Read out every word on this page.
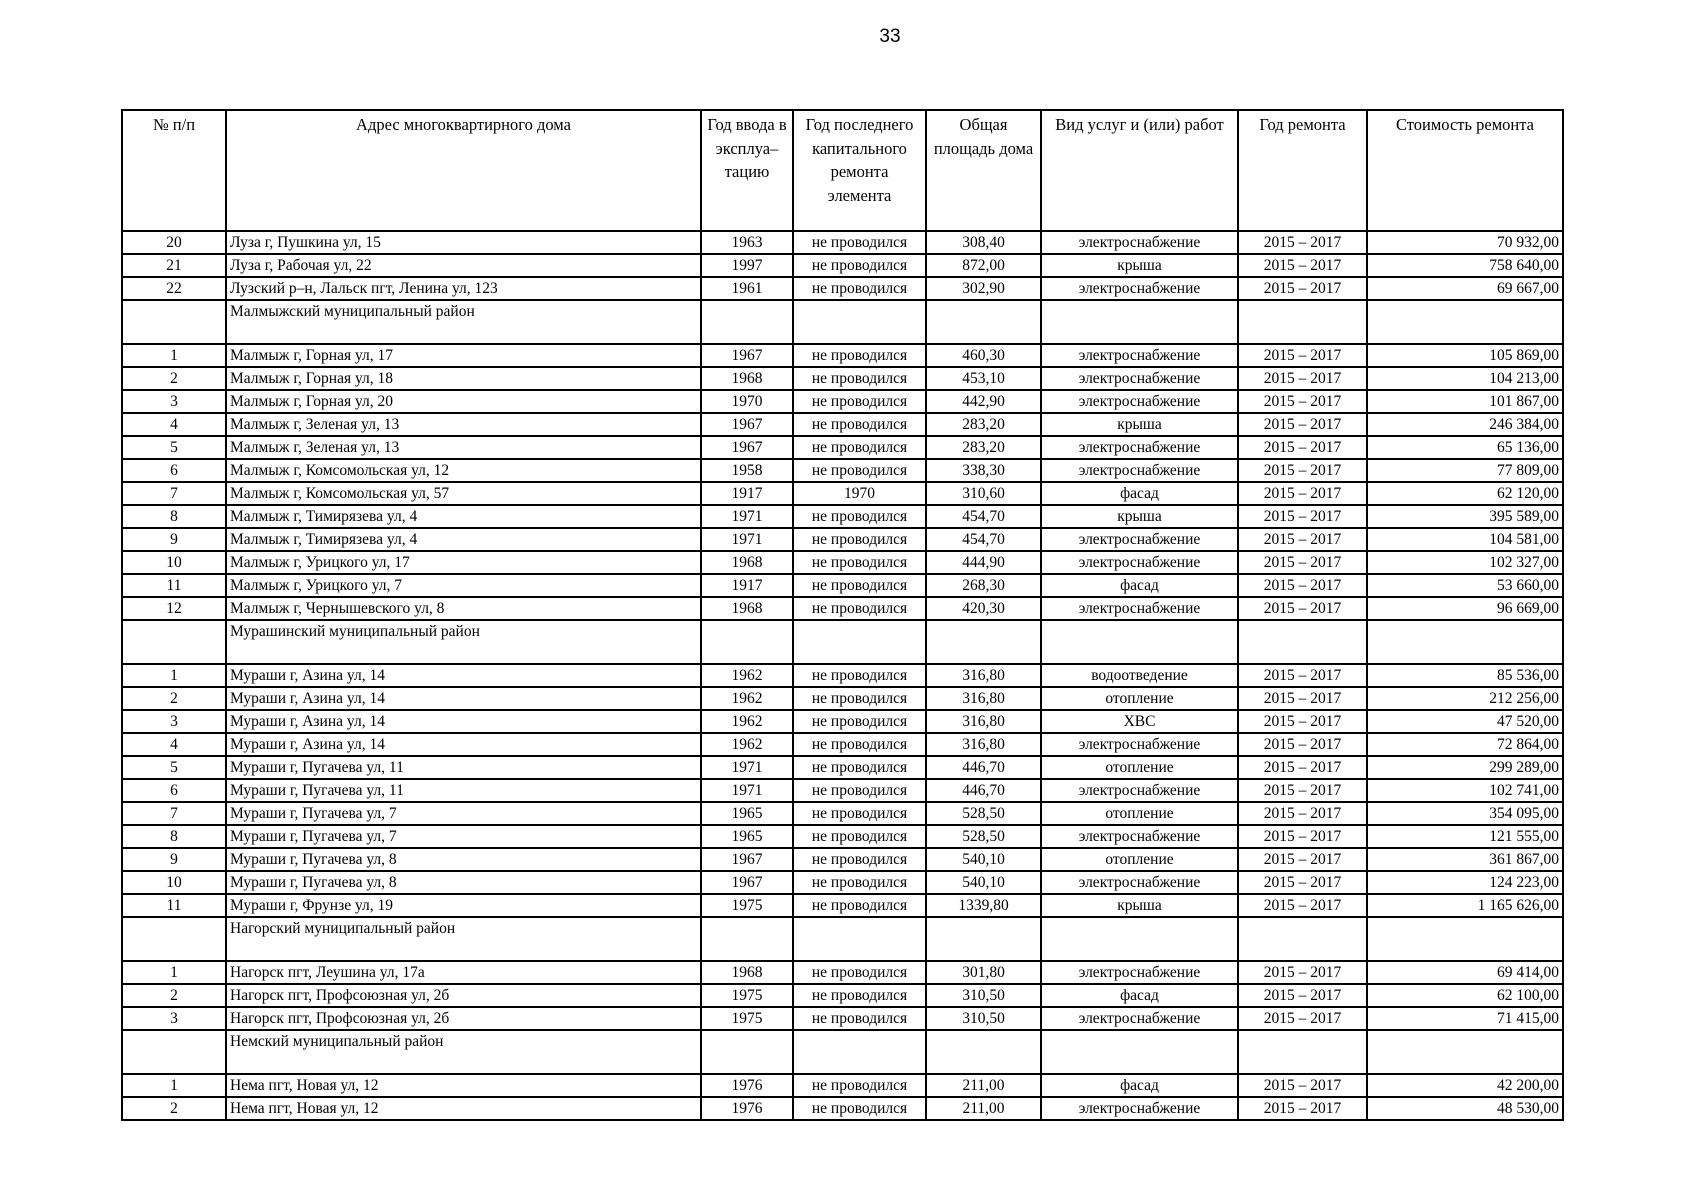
33
№ п/п	Адрес многоквартирного дома	Год ввода в эксплуа–тацию	Год последнего капитального ремонта элемента	Общая площадь дома	Вид услуг и (или) работ	Год ремонта	Стоимость ремонта
20	Луза г, Пушкина ул, 15	1963	не проводился	308,40	электроснабжение	2015 – 2017	70 932,00
21	Луза г, Рабочая ул, 22	1997	не проводился	872,00	крыша	2015 – 2017	758 640,00
22	Лузский р–н, Лальск пгт, Ленина ул, 123	1961	не проводился	302,90	электроснабжение	2015 – 2017	69 667,00
	Малмыжский муниципальный район						
1	Малмыж г, Горная ул, 17	1967	не проводился	460,30	электроснабжение	2015 – 2017	105 869,00
2	Малмыж г, Горная ул, 18	1968	не проводился	453,10	электроснабжение	2015 – 2017	104 213,00
3	Малмыж г, Горная ул, 20	1970	не проводился	442,90	электроснабжение	2015 – 2017	101 867,00
4	Малмыж г, Зеленая ул, 13	1967	не проводился	283,20	крыша	2015 – 2017	246 384,00
5	Малмыж г, Зеленая ул, 13	1967	не проводился	283,20	электроснабжение	2015 – 2017	65 136,00
6	Малмыж г, Комсомольская ул, 12	1958	не проводился	338,30	электроснабжение	2015 – 2017	77 809,00
7	Малмыж г, Комсомольская ул, 57	1917	1970	310,60	фасад	2015 – 2017	62 120,00
8	Малмыж г, Тимирязева ул, 4	1971	не проводился	454,70	крыша	2015 – 2017	395 589,00
9	Малмыж г, Тимирязева ул, 4	1971	не проводился	454,70	электроснабжение	2015 – 2017	104 581,00
10	Малмыж г, Урицкого ул, 17	1968	не проводился	444,90	электроснабжение	2015 – 2017	102 327,00
11	Малмыж г, Урицкого ул, 7	1917	не проводился	268,30	фасад	2015 – 2017	53 660,00
12	Малмыж г, Чернышевского ул, 8	1968	не проводился	420,30	электроснабжение	2015 – 2017	96 669,00
	Мурашинский муниципальный район						
1	Мураши г, Азина ул, 14	1962	не проводился	316,80	водоотведение	2015 – 2017	85 536,00
2	Мураши г, Азина ул, 14	1962	не проводился	316,80	отопление	2015 – 2017	212 256,00
3	Мураши г, Азина ул, 14	1962	не проводился	316,80	ХВС	2015 – 2017	47 520,00
4	Мураши г, Азина ул, 14	1962	не проводился	316,80	электроснабжение	2015 – 2017	72 864,00
5	Мураши г, Пугачева ул, 11	1971	не проводился	446,70	отопление	2015 – 2017	299 289,00
6	Мураши г, Пугачева ул, 11	1971	не проводился	446,70	электроснабжение	2015 – 2017	102 741,00
7	Мураши г, Пугачева ул, 7	1965	не проводился	528,50	отопление	2015 – 2017	354 095,00
8	Мураши г, Пугачева ул, 7	1965	не проводился	528,50	электроснабжение	2015 – 2017	121 555,00
9	Мураши г, Пугачева ул, 8	1967	не проводился	540,10	отопление	2015 – 2017	361 867,00
10	Мураши г, Пугачева ул, 8	1967	не проводился	540,10	электроснабжение	2015 – 2017	124 223,00
11	Мураши г, Фрунзе ул, 19	1975	не проводился	1339,80	крыша	2015 – 2017	1 165 626,00
	Нагорский муниципальный район						
1	Нагорск пгт, Леушина ул, 17а	1968	не проводился	301,80	электроснабжение	2015 – 2017	69 414,00
2	Нагорск пгт, Профсоюзная ул, 2б	1975	не проводился	310,50	фасад	2015 – 2017	62 100,00
3	Нагорск пгт, Профсоюзная ул, 2б	1975	не проводился	310,50	электроснабжение	2015 – 2017	71 415,00
	Немский муниципальный район						
1	Нема пгт, Новая ул, 12	1976	не проводился	211,00	фасад	2015 – 2017	42 200,00
2	Нема пгт, Новая ул, 12	1976	не проводился	211,00	электроснабжение	2015 – 2017	48 530,00
